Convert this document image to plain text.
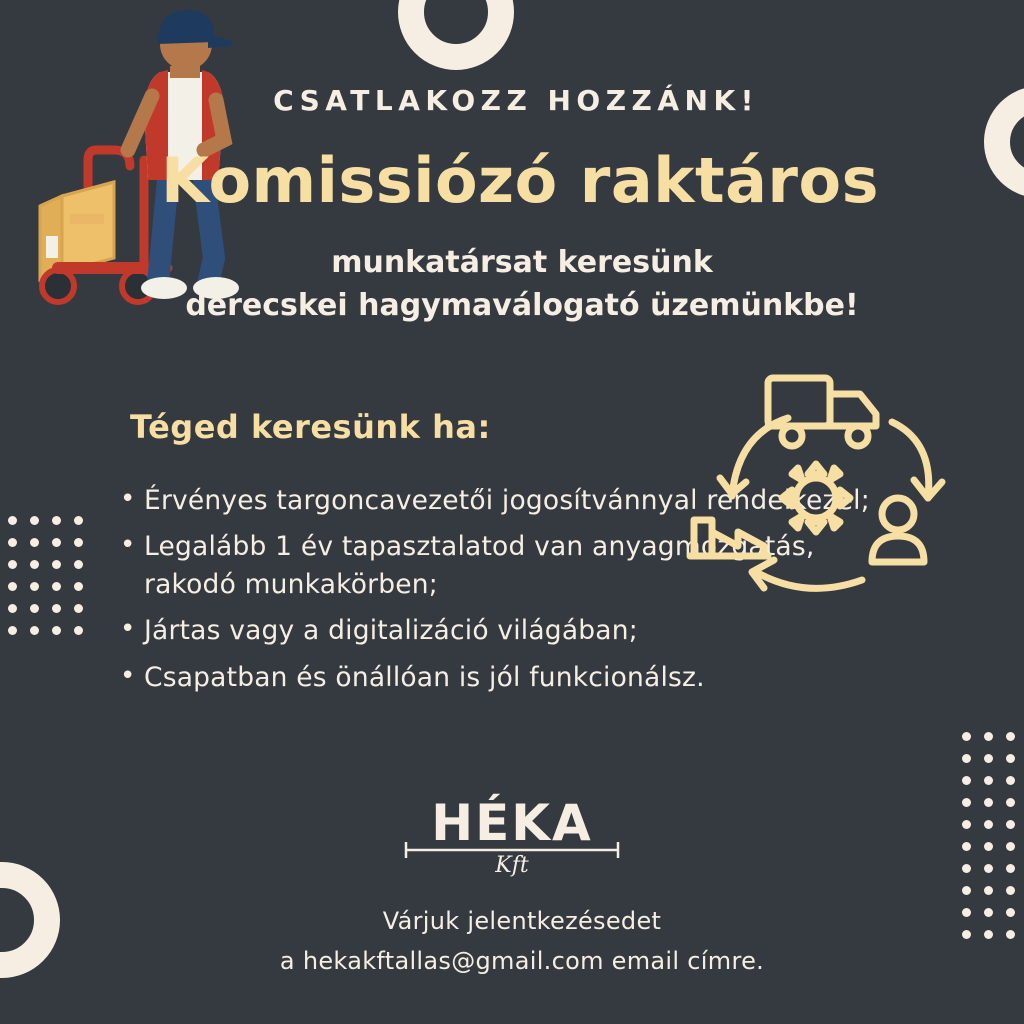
CSATLAKOZZ HOZZÁNK!
Komissiózó raktáros
munkatársat keresünk
derecskei hagymaválogató üzemünkbe!
Téged keresünk ha:
• Érvényes targoncavezetői jogosítvánnyal rendelkezel;
• Legalább 1 év tapasztalatod van anyagmozgatás, rakodó munkakörben;
• Jártas vagy a digitalizáció világában;
• Csapatban és önállóan is jól funkcionálsz.
HÉKA
Kft
Várjuk jelentkezésedet
a hekakftallas@gmail.com email címre.
